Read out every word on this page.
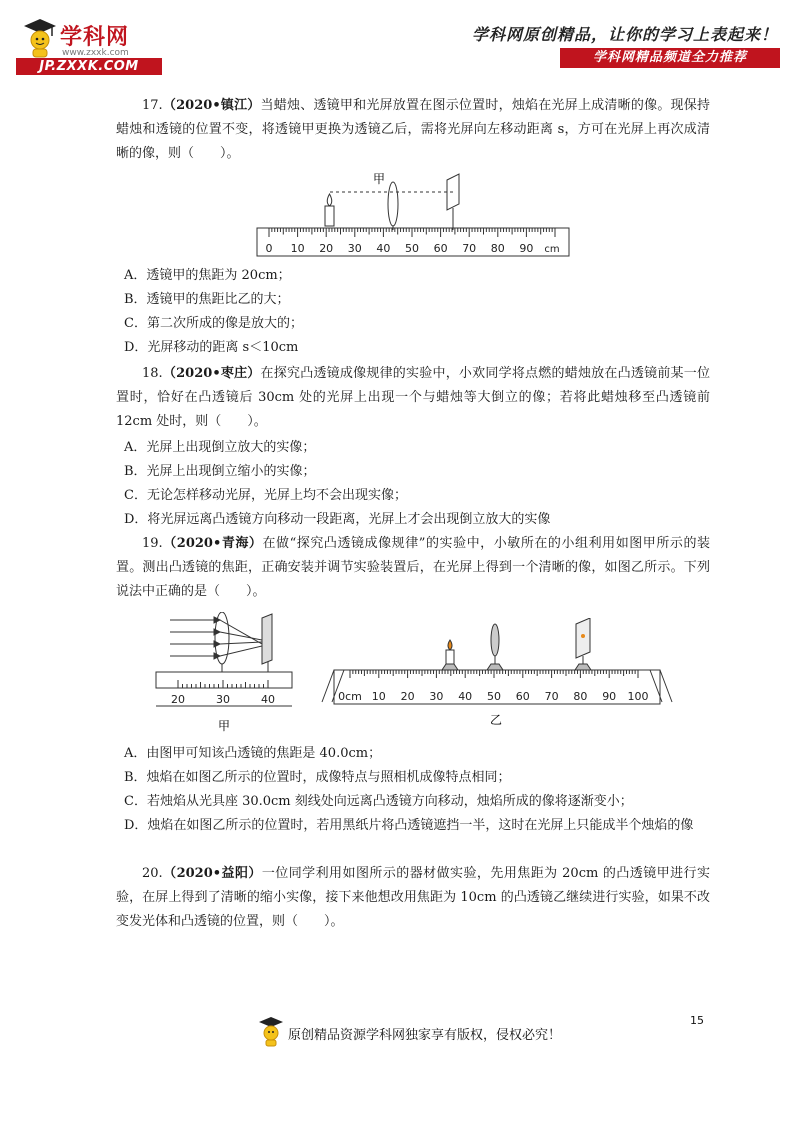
学科网
www.zxxk.com
JP.ZXXK.COM
学科网原创精品，让你的学习上表起来！
学科网精品频道全力推荐
17.（2020•镇江）当蜡烛、透镜甲和光屏放置在图示位置时，烛焰在光屏上成清晰的像。现保持蜡烛和透镜的位置不变，将透镜甲更换为透镜乙后，需将光屏向左移动距离 s，方可在光屏上再次成清晰的像，则（　　）。
甲
0 10 20 30 40 50 60 70 80 90 cm
A．透镜甲的焦距为 20cm；
B．透镜甲的焦距比乙的大；
C．第二次所成的像是放大的；
D．光屏移动的距离 s＜10cm
18.（2020•枣庄）在探究凸透镜成像规律的实验中，小欢同学将点燃的蜡烛放在凸透镜前某一位置时，恰好在凸透镜后 30cm 处的光屏上出现一个与蜡烛等大倒立的像；若将此蜡烛移至凸透镜前 12cm 处时，则（　　）。
A．光屏上出现倒立放大的实像；
B．光屏上出现倒立缩小的实像；
C．无论怎样移动光屏，光屏上均不会出现实像；
D．将光屏远离凸透镜方向移动一段距离，光屏上才会出现倒立放大的实像
19.（2020•青海）在做“探究凸透镜成像规律”的实验中，小敏所在的小组利用如图甲所示的装置。测出凸透镜的焦距，正确安装并调节实验装置后，在光屏上得到一个清晰的像，如图乙所示。下列说法中正确的是（　　）。
20	30	40
甲
0cm 10 20 30 40 50 60 70 80 90 100
乙
A．由图甲可知该凸透镜的焦距是 40.0cm；
B．烛焰在如图乙所示的位置时，成像特点与照相机成像特点相同；
C．若烛焰从光具座 30.0cm 刻线处向远离凸透镜方向移动，烛焰所成的像将逐渐变小；
D．烛焰在如图乙所示的位置时，若用黑纸片将凸透镜遮挡一半，这时在光屏上只能成半个烛焰的像
20.（2020•益阳）一位同学利用如图所示的器材做实验，先用焦距为 20cm 的凸透镜甲进行实验，在屏上得到了清晰的缩小实像，接下来他想改用焦距为 10cm 的凸透镜乙继续进行实验，如果不改变发光体和凸透镜的位置，则（　　）。
15
原创精品资源学科网独家享有版权，侵权必究！
